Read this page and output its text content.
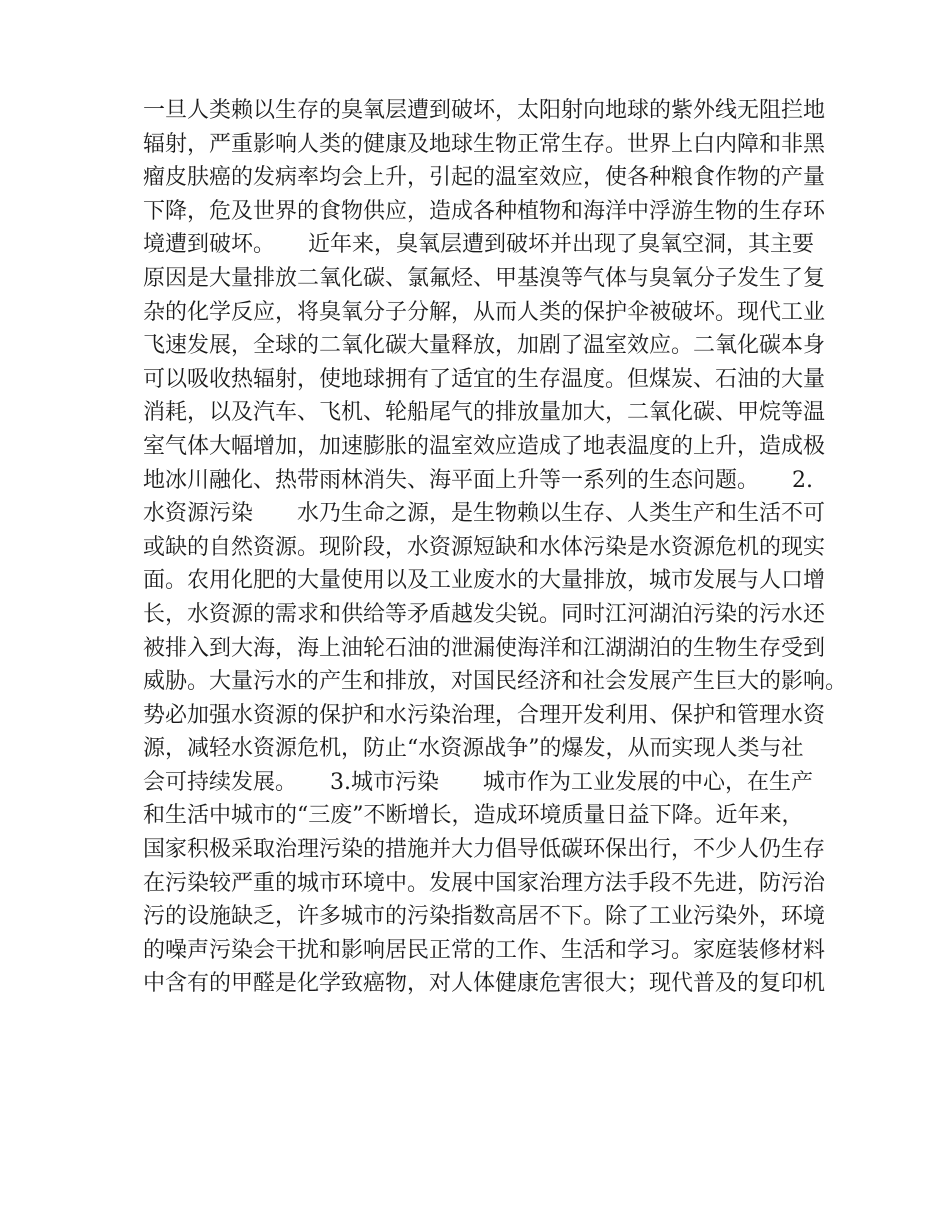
一旦人类赖以生存的臭氧层遭到破坏，太阳射向地球的紫外线无阻拦地
辐射，严重影响人类的健康及地球生物正常生存。世界上白内障和非黑
瘤皮肤癌的发病率均会上升，引起的温室效应，使各种粮食作物的产量
下降，危及世界的食物供应，造成各种植物和海洋中浮游生物的生存环
境遭到破坏。　　近年来，臭氧层遭到破坏并出现了臭氧空洞，其主要
原因是大量排放二氧化碳、氯氟烃、甲基溴等气体与臭氧分子发生了复
杂的化学反应，将臭氧分子分解，从而人类的保护伞被破坏。现代工业
飞速发展，全球的二氧化碳大量释放，加剧了温室效应。二氧化碳本身
可以吸收热辐射，使地球拥有了适宜的生存温度。但煤炭、石油的大量
消耗，以及汽车、飞机、轮船尾气的排放量加大，二氧化碳、甲烷等温
室气体大幅增加，加速膨胀的温室效应造成了地表温度的上升，造成极
地冰川融化、热带雨林消失、海平面上升等一系列的生态问题。　　2.
水资源污染　　水乃生命之源，是生物赖以生存、人类生产和生活不可
或缺的自然资源。现阶段，水资源短缺和水体污染是水资源危机的现实
面。农用化肥的大量使用以及工业废水的大量排放，城市发展与人口增
长，水资源的需求和供给等矛盾越发尖锐。同时江河湖泊污染的污水还
被排入到大海，海上油轮石油的泄漏使海洋和江湖湖泊的生物生存受到
威胁。大量污水的产生和排放，对国民经济和社会发展产生巨大的影响。
势必加强水资源的保护和水污染治理，合理开发利用、保护和管理水资
源，减轻水资源危机，防止“水资源战争”的爆发，从而实现人类与社
会可持续发展。　　3.城市污染　　城市作为工业发展的中心，在生产
和生活中城市的“三废”不断增长，造成环境质量日益下降。近年来，
国家积极采取治理污染的措施并大力倡导低碳环保出行，不少人仍生存
在污染较严重的城市环境中。发展中国家治理方法手段不先进，防污治
污的设施缺乏，许多城市的污染指数高居不下。除了工业污染外，环境
的噪声污染会干扰和影响居民正常的工作、生活和学习。家庭装修材料
中含有的甲醛是化学致癌物，对人体健康危害很大；现代普及的复印机
